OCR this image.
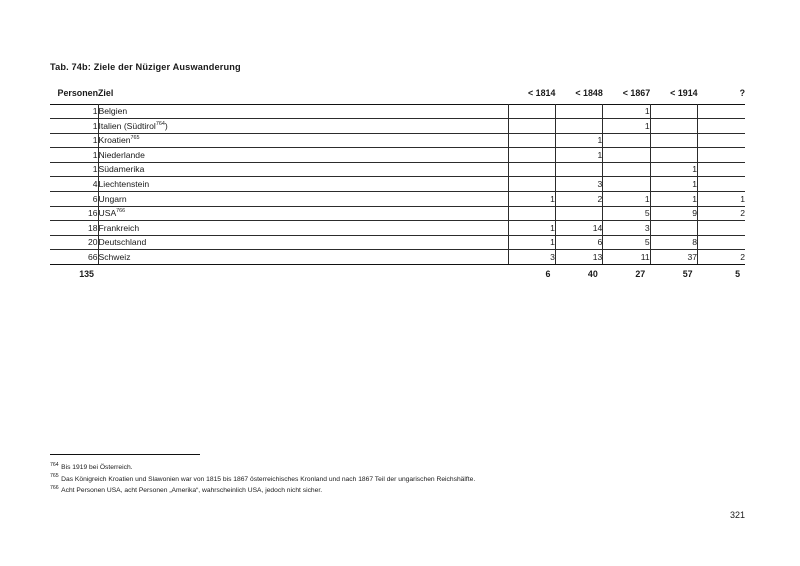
Tab. 74b: Ziele der Nüziger Auswanderung
Personen	Ziel	< 1814	< 1848	< 1867	< 1914	?
1	Belgien			1		
1	Italien (Südtirol$^{764}$)			1		
1	Kroatien$^{765}$		1			
1	Niederlande		1			
1	Südamerika				1	
4	Liechtenstein		3		1	
6	Ungarn	1	2	1	1	1
16	USA$^{766}$			5	9	2
18	Frankreich	1	14	3		
20	Deutschland	1	6	5	8	
66	Schweiz	3	13	11	37	2
135		6	40	27	57	5
$^{764}$ Bis 1919 bei Österreich.
$^{765}$ Das Königreich Kroatien und Slawonien war von 1815 bis 1867 österreichisches Kronland und nach 1867 Teil der ungarischen Reichshälfte.
$^{766}$ Acht Personen USA, acht Personen „Amerika“, wahrscheinlich USA, jedoch nicht sicher.
321
